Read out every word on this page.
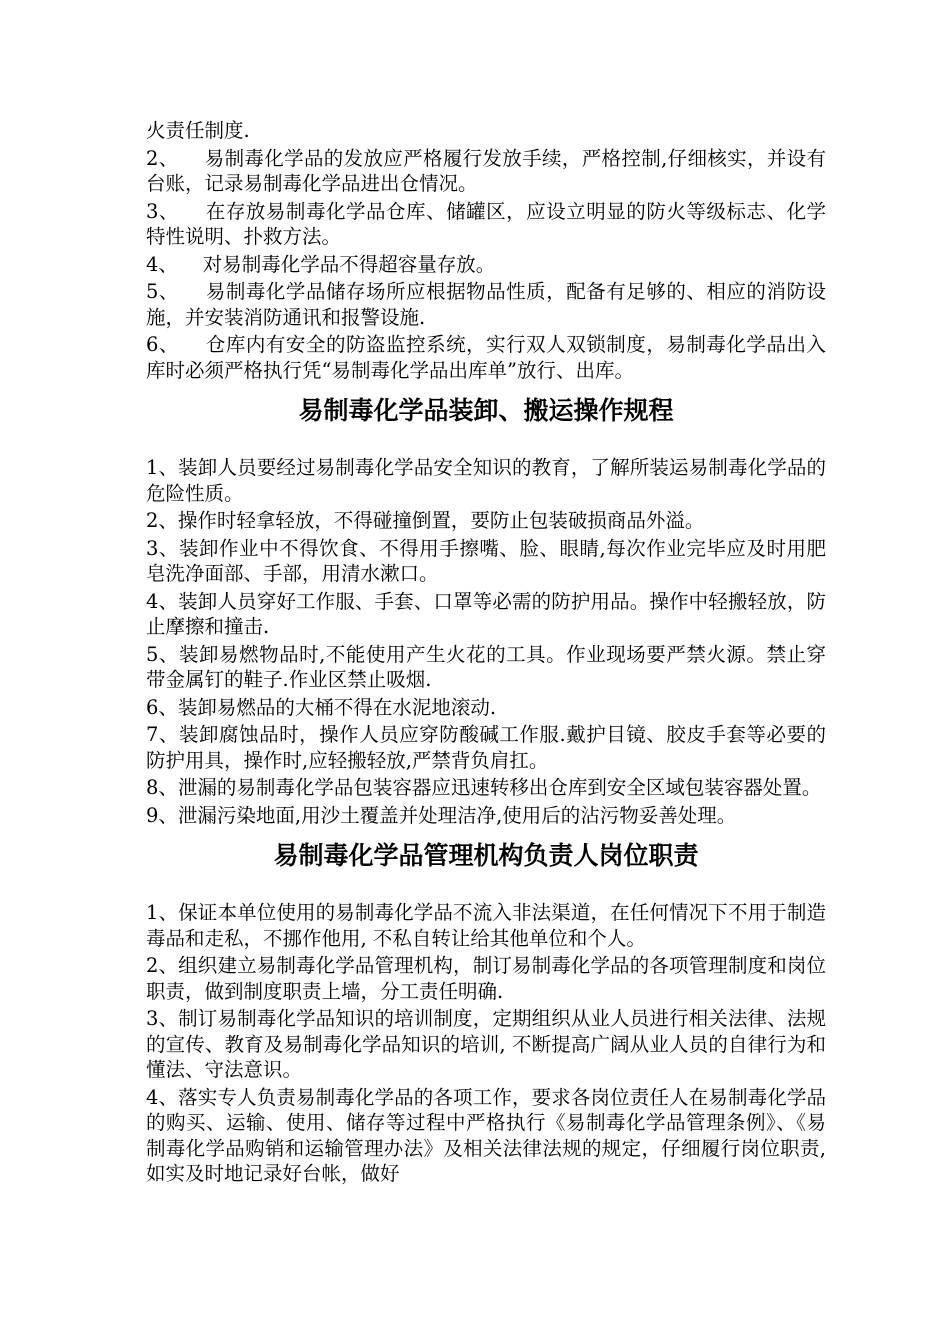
火责任制度.

2、    易制毒化学品的发放应严格履行发放手续，严格控制,仔细核实，并设有台账，记录易制毒化学品进出仓情况。

3、    在存放易制毒化学品仓库、储罐区，应设立明显的防火等级标志、化学特性说明、扑救方法。

4、    对易制毒化学品不得超容量存放。

5、    易制毒化学品储存场所应根据物品性质，配备有足够的、相应的消防设施，并安装消防通讯和报警设施.

6、    仓库内有安全的防盗监控系统，实行双人双锁制度，易制毒化学品出入库时必须严格执行凭“易制毒化学品出库单”放行、出库。

易制毒化学品装卸、搬运操作规程

1、装卸人员要经过易制毒化学品安全知识的教育，了解所装运易制毒化学品的危险性质。

2、操作时轻拿轻放，不得碰撞倒置，要防止包装破损商品外溢。

3、装卸作业中不得饮食、不得用手擦嘴、脸、眼睛,每次作业完毕应及时用肥皂洗净面部、手部，用清水漱口。

4、装卸人员穿好工作服、手套、口罩等必需的防护用品。操作中轻搬轻放，防止摩擦和撞击.

5、装卸易燃物品时,不能使用产生火花的工具。作业现场要严禁火源。禁止穿带金属钉的鞋子.作业区禁止吸烟.

6、装卸易燃品的大桶不得在水泥地滚动.

7、装卸腐蚀品时，操作人员应穿防酸碱工作服.戴护目镜、胶皮手套等必要的防护用具，操作时,应轻搬轻放,严禁背负肩扛。

8、泄漏的易制毒化学品包装容器应迅速转移出仓库到安全区域包装容器处置。

9、泄漏污染地面,用沙土覆盖并处理洁净,使用后的沾污物妥善处理。

易制毒化学品管理机构负责人岗位职责

1、保证本单位使用的易制毒化学品不流入非法渠道，在任何情况下不用于制造毒品和走私，不挪作他用, 不私自转让给其他单位和个人。

2、组织建立易制毒化学品管理机构，制订易制毒化学品的各项管理制度和岗位职责，做到制度职责上墙，分工责任明确.

3、制订易制毒化学品知识的培训制度，定期组织从业人员进行相关法律、法规的宣传、教育及易制毒化学品知识的培训, 不断提高广阔从业人员的自律行为和懂法、守法意识。

4、落实专人负责易制毒化学品的各项工作，要求各岗位责任人在易制毒化学品的购买、运输、使用、储存等过程中严格执行《易制毒化学品管理条例》、《易制毒化学品购销和运输管理办法》及相关法律法规的规定，仔细履行岗位职责, 如实及时地记录好台帐，做好
